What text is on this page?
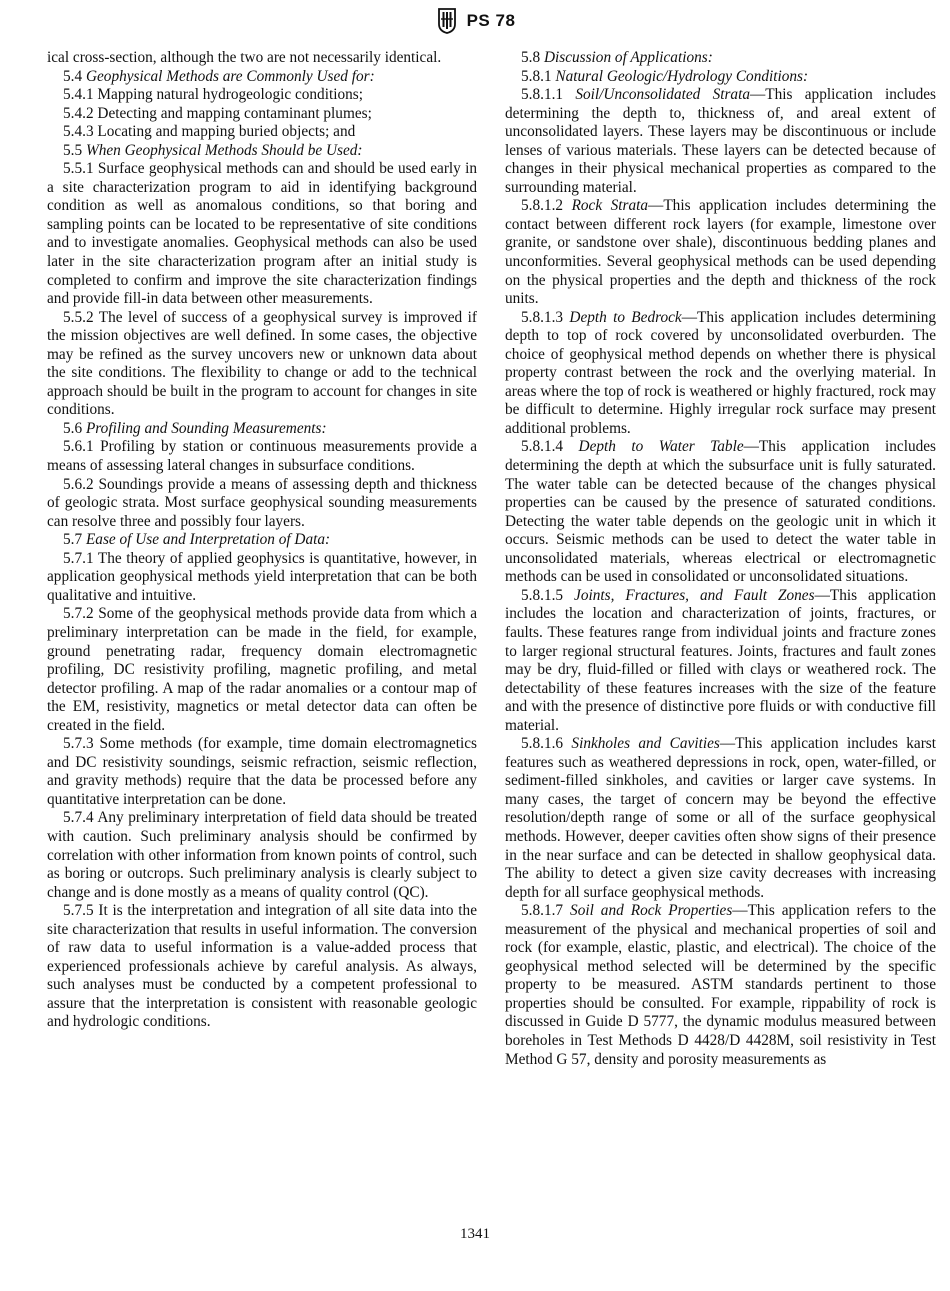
PS 78

ical cross-section, although the two are not necessarily identical.

5.4 Geophysical Methods are Commonly Used for:

5.4.1 Mapping natural hydrogeologic conditions;

5.4.2 Detecting and mapping contaminant plumes;

5.4.3 Locating and mapping buried objects; and

5.5 When Geophysical Methods Should be Used:

5.5.1 Surface geophysical methods can and should be used early in a site characterization program to aid in identifying background condition as well as anomalous conditions, so that boring and sampling points can be located to be representative of site conditions and to investigate anomalies. Geophysical methods can also be used later in the site characterization program after an initial study is completed to confirm and improve the site characterization findings and provide fill-in data between other measurements.

5.5.2 The level of success of a geophysical survey is improved if the mission objectives are well defined. In some cases, the objective may be refined as the survey uncovers new or unknown data about the site conditions. The flexibility to change or add to the technical approach should be built in the program to account for changes in site conditions.

5.6 Profiling and Sounding Measurements:

5.6.1 Profiling by station or continuous measurements provide a means of assessing lateral changes in subsurface conditions.

5.6.2 Soundings provide a means of assessing depth and thickness of geologic strata. Most surface geophysical sounding measurements can resolve three and possibly four layers.

5.7 Ease of Use and Interpretation of Data:

5.7.1 The theory of applied geophysics is quantitative, however, in application geophysical methods yield interpretation that can be both qualitative and intuitive.

5.7.2 Some of the geophysical methods provide data from which a preliminary interpretation can be made in the field, for example, ground penetrating radar, frequency domain electromagnetic profiling, DC resistivity profiling, magnetic profiling, and metal detector profiling. A map of the radar anomalies or a contour map of the EM, resistivity, magnetics or metal detector data can often be created in the field.

5.7.3 Some methods (for example, time domain electromagnetics and DC resistivity soundings, seismic refraction, seismic reflection, and gravity methods) require that the data be processed before any quantitative interpretation can be done.

5.7.4 Any preliminary interpretation of field data should be treated with caution. Such preliminary analysis should be confirmed by correlation with other information from known points of control, such as boring or outcrops. Such preliminary analysis is clearly subject to change and is done mostly as a means of quality control (QC).

5.7.5 It is the interpretation and integration of all site data into the site characterization that results in useful information. The conversion of raw data to useful information is a value-added process that experienced professionals achieve by careful analysis. As always, such analyses must be conducted by a competent professional to assure that the interpretation is consistent with reasonable geologic and hydrologic conditions.

5.8 Discussion of Applications:

5.8.1 Natural Geologic/Hydrology Conditions:

5.8.1.1 Soil/Unconsolidated Strata—This application includes determining the depth to, thickness of, and areal extent of unconsolidated layers. These layers may be discontinuous or include lenses of various materials. These layers can be detected because of changes in their physical mechanical properties as compared to the surrounding material.

5.8.1.2 Rock Strata—This application includes determining the contact between different rock layers (for example, limestone over granite, or sandstone over shale), discontinuous bedding planes and unconformities. Several geophysical methods can be used depending on the physical properties and the depth and thickness of the rock units.

5.8.1.3 Depth to Bedrock—This application includes determining depth to top of rock covered by unconsolidated overburden. The choice of geophysical method depends on whether there is physical property contrast between the rock and the overlying material. In areas where the top of rock is weathered or highly fractured, rock may be difficult to determine. Highly irregular rock surface may present additional problems.

5.8.1.4 Depth to Water Table—This application includes determining the depth at which the subsurface unit is fully saturated. The water table can be detected because of the changes physical properties can be caused by the presence of saturated conditions. Detecting the water table depends on the geologic unit in which it occurs. Seismic methods can be used to detect the water table in unconsolidated materials, whereas electrical or electromagnetic methods can be used in consolidated or unconsolidated situations.

5.8.1.5 Joints, Fractures, and Fault Zones—This application includes the location and characterization of joints, fractures, or faults. These features range from individual joints and fracture zones to larger regional structural features. Joints, fractures and fault zones may be dry, fluid-filled or filled with clays or weathered rock. The detectability of these features increases with the size of the feature and with the presence of distinctive pore fluids or with conductive fill material.

5.8.1.6 Sinkholes and Cavities—This application includes karst features such as weathered depressions in rock, open, water-filled, or sediment-filled sinkholes, and cavities or larger cave systems. In many cases, the target of concern may be beyond the effective resolution/depth range of some or all of the surface geophysical methods. However, deeper cavities often show signs of their presence in the near surface and can be detected in shallow geophysical data. The ability to detect a given size cavity decreases with increasing depth for all surface geophysical methods.

5.8.1.7 Soil and Rock Properties—This application refers to the measurement of the physical and mechanical properties of soil and rock (for example, elastic, plastic, and electrical). The choice of the geophysical method selected will be determined by the specific property to be measured. ASTM standards pertinent to those properties should be consulted. For example, rippability of rock is discussed in Guide D 5777, the dynamic modulus measured between boreholes in Test Methods D 4428/D 4428M, soil resistivity in Test Method G 57, density and porosity measurements as

1341
